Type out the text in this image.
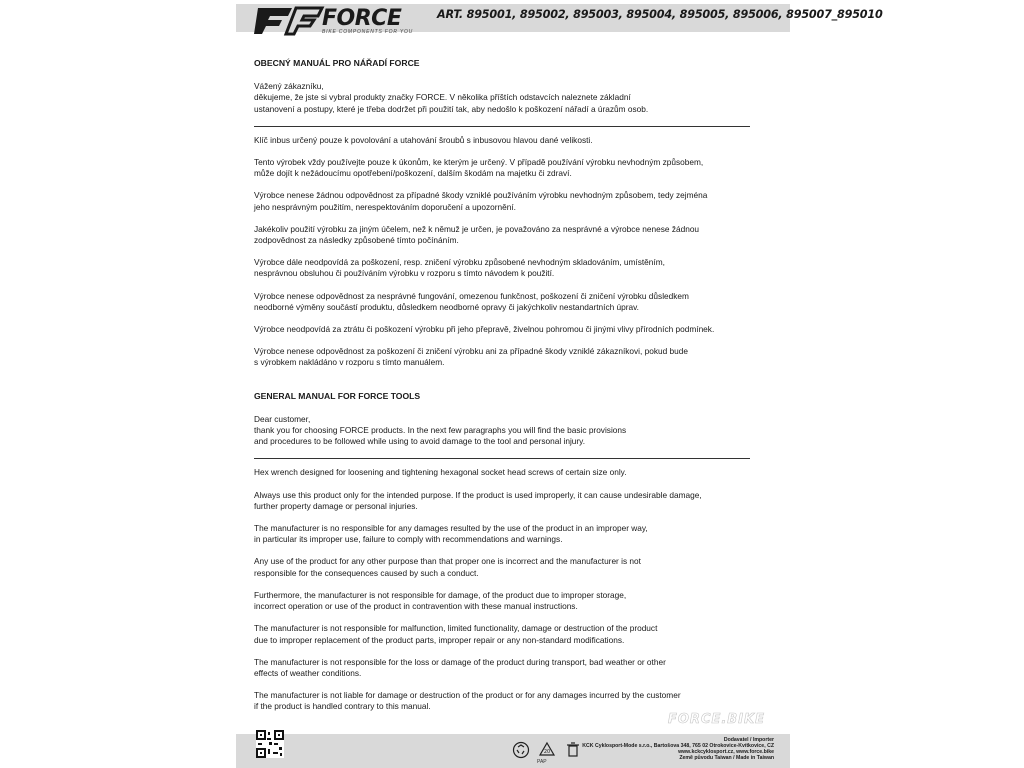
FORCE
BIKE COMPONENTS FOR YOU
ART. 895001, 895002, 895003, 895004, 895005, 895006, 895007_895010
OBECNÝ MANUÁL PRO NÁŘADÍ FORCE
Vážený zákazníku,
děkujeme, že jste si vybral produkty značky FORCE. V několika příštích odstavcích naleznete základní
ustanovení a postupy, které je třeba dodržet při použití tak, aby nedošlo k poškození nářadí a úrazům osob.
Klíč inbus určený pouze k povolování a utahování šroubů s inbusovou hlavou dané velikosti.
Tento výrobek vždy používejte pouze k úkonům, ke kterým je určený. V případě používání výrobku nevhodným způsobem,
může dojít k nežádoucímu opotřebení/poškození, dalším škodám na majetku či zdraví.
Výrobce nenese žádnou odpovědnost za případné škody vzniklé používáním výrobku nevhodným způsobem, tedy zejména
jeho nesprávným použitím, nerespektováním doporučení a upozornění.
Jakékoliv použití výrobku za jiným účelem, než k němuž je určen, je považováno za nesprávné a výrobce nenese žádnou
zodpovědnost za následky způsobené tímto počínáním.
Výrobce dále neodpovídá za poškození, resp. zničení výrobku způsobené nevhodným skladováním, umístěním,
nesprávnou obsluhou či používáním výrobku v rozporu s tímto návodem k použití.
Výrobce nenese odpovědnost za nesprávné fungování, omezenou funkčnost, poškození či zničení výrobku důsledkem
neodborné výměny součástí produktu, důsledkem neodborné opravy či jakýchkoliv nestandartních úprav.
Výrobce neodpovídá za ztrátu či poškození výrobku při jeho přepravě, živelnou pohromou či jinými vlivy přírodních podmínek.
Výrobce nenese odpovědnost za poškození či zničení výrobku ani za případné škody vzniklé zákazníkovi, pokud bude
s výrobkem nakládáno v rozporu s tímto manuálem.
GENERAL MANUAL FOR FORCE TOOLS
Dear customer,
thank you for choosing FORCE products. In the next few paragraphs you will find the basic provisions
and procedures to be followed while using to avoid damage to the tool and personal injury.
Hex wrench designed for loosening and tightening hexagonal socket head screws of certain size only.
Always use this product only for the intended purpose. If the product is used improperly, it can cause undesirable damage,
further property damage or personal injuries.
The manufacturer is no responsible for any damages resulted by the use of the product in an improper way,
in particular its improper use, failure to comply with recommendations and warnings.
Any use of the product for any other purpose than that proper one is incorrect and the manufacturer is not
responsible for the consequences caused by such a conduct.
Furthermore, the manufacturer is not responsible for damage, of the product due to improper storage,
incorrect operation or use of the product in contravention with these manual instructions.
The manufacturer is not responsible for malfunction, limited functionality, damage or destruction of the product
due to improper replacement of the product parts, improper repair or any non-standard modifications.
The manufacturer is not responsible for the loss or damage of the product during transport, bad weather or other
effects of weather conditions.
The manufacturer is not liable for damage or destruction of the product or for any damages incurred by the customer
if the product is handled contrary to this manual.
FORCE.BIKE
20
PAP
Dodavatel / Importer
KCK Cyklosport-Mode s.r.o., Bartošova 348, 765 02 Otrokovice-Kvítkovice, CZ
www.kckcyklosport.cz, www.force.bike
Země původu Taiwan / Made in Taiwan
